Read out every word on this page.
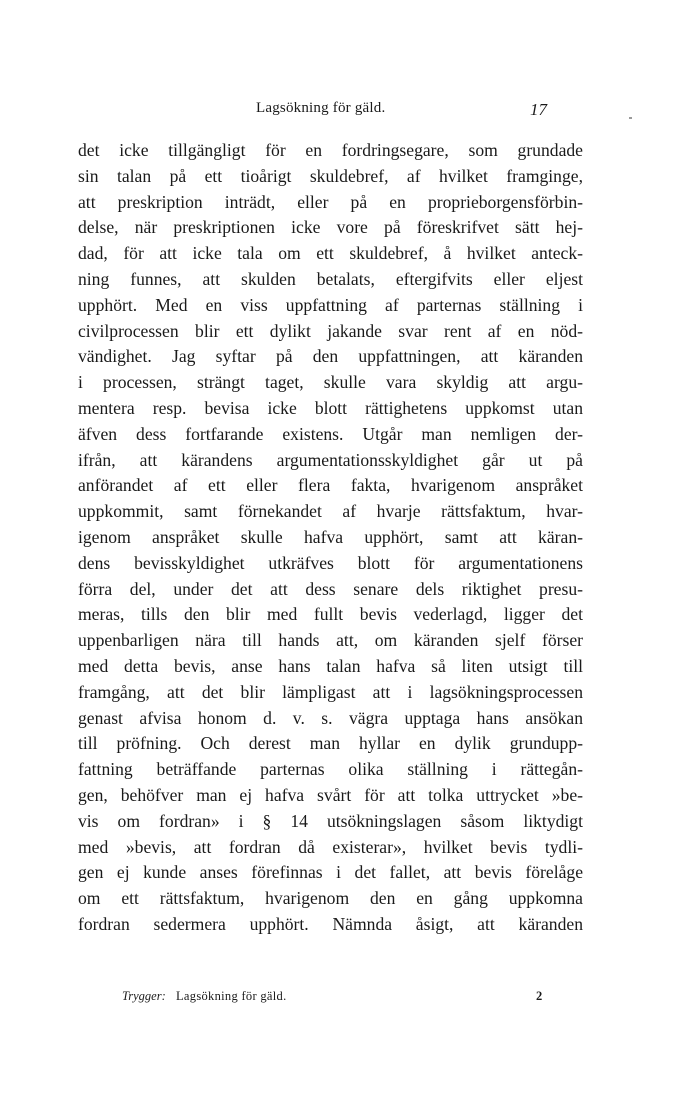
Lagsökning för gäld.	17
det icke tillgängligt för en fordringsegare, som grundade
sin talan på ett tioårigt skuldebref, af hvilket framginge,
att preskription inträdt, eller på en proprieborgensförbin-
delse, när preskriptionen icke vore på föreskrifvet sätt hej-
dad, för att icke tala om ett skuldebref, å hvilket anteck-
ning funnes, att skulden betalats, eftergifvits eller eljest
upphört. Med en viss uppfattning af parternas ställning i
civilprocessen blir ett dylikt jakande svar rent af en nöd-
vändighet. Jag syftar på den uppfattningen, att käranden
i processen, strängt taget, skulle vara skyldig att argu-
mentera resp. bevisa icke blott rättighetens uppkomst utan
äfven dess fortfarande existens. Utgår man nemligen der-
ifrån, att kärandens argumentationsskyldighet går ut på
anförandet af ett eller flera fakta, hvarigenom anspråket
uppkommit, samt förnekandet af hvarje rättsfaktum, hvar-
igenom anspråket skulle hafva upphört, samt att käran-
dens bevisskyldighet utkräfves blott för argumentationens
förra del, under det att dess senare dels riktighet presu-
meras, tills den blir med fullt bevis vederlagd, ligger det
uppenbarligen nära till hands att, om käranden sjelf förser
med detta bevis, anse hans talan hafva så liten utsigt till
framgång, att det blir lämpligast att i lagsökningsprocessen
genast afvisa honom d. v. s. vägra upptaga hans ansökan
till pröfning. Och derest man hyllar en dylik grundupp-
fattning beträffande parternas olika ställning i rättegån-
gen, behöfver man ej hafva svårt för att tolka uttrycket »be-
vis om fordran» i § 14 utsökningslagen såsom liktydigt
med »bevis, att fordran då existerar», hvilket bevis tydli-
gen ej kunde anses förefinnas i det fallet, att bevis förelåge
om ett rättsfaktum, hvarigenom den en gång uppkomna
fordran sedermera upphört. Nämnda åsigt, att käranden
Trygger: Lagsökning för gäld.	2
